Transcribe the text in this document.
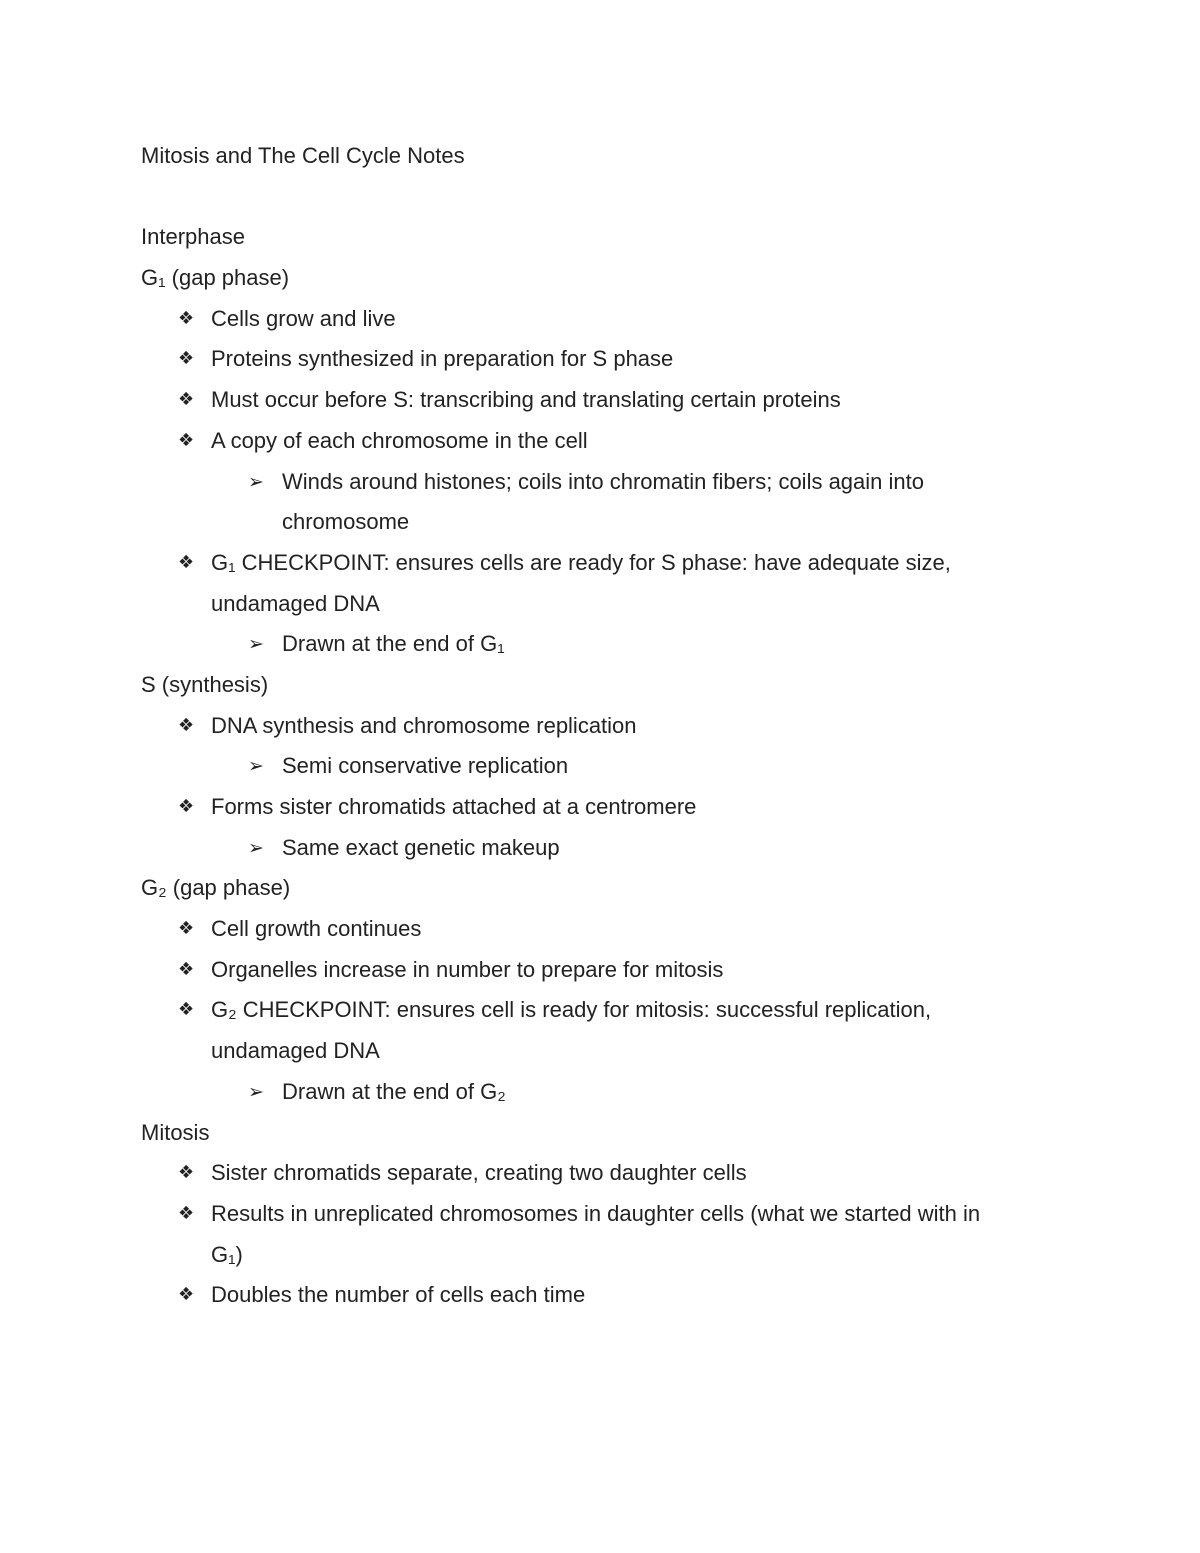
Mitosis and The Cell Cycle Notes
Interphase
G₁ (gap phase)
❖ Cells grow and live
❖ Proteins synthesized in preparation for S phase
❖ Must occur before S: transcribing and translating certain proteins
❖ A copy of each chromosome in the cell
➢ Winds around histones; coils into chromatin fibers; coils again into
chromosome
❖ G₁ CHECKPOINT: ensures cells are ready for S phase: have adequate size,
undamaged DNA
➢ Drawn at the end of G₁
S (synthesis)
❖ DNA synthesis and chromosome replication
➢ Semi conservative replication
❖ Forms sister chromatids attached at a centromere
➢ Same exact genetic makeup
G₂ (gap phase)
❖ Cell growth continues
❖ Organelles increase in number to prepare for mitosis
❖ G₂ CHECKPOINT: ensures cell is ready for mitosis: successful replication,
undamaged DNA
➢ Drawn at the end of G₂
Mitosis
❖ Sister chromatids separate, creating two daughter cells
❖ Results in unreplicated chromosomes in daughter cells (what we started with in
G₁)
❖ Doubles the number of cells each time
